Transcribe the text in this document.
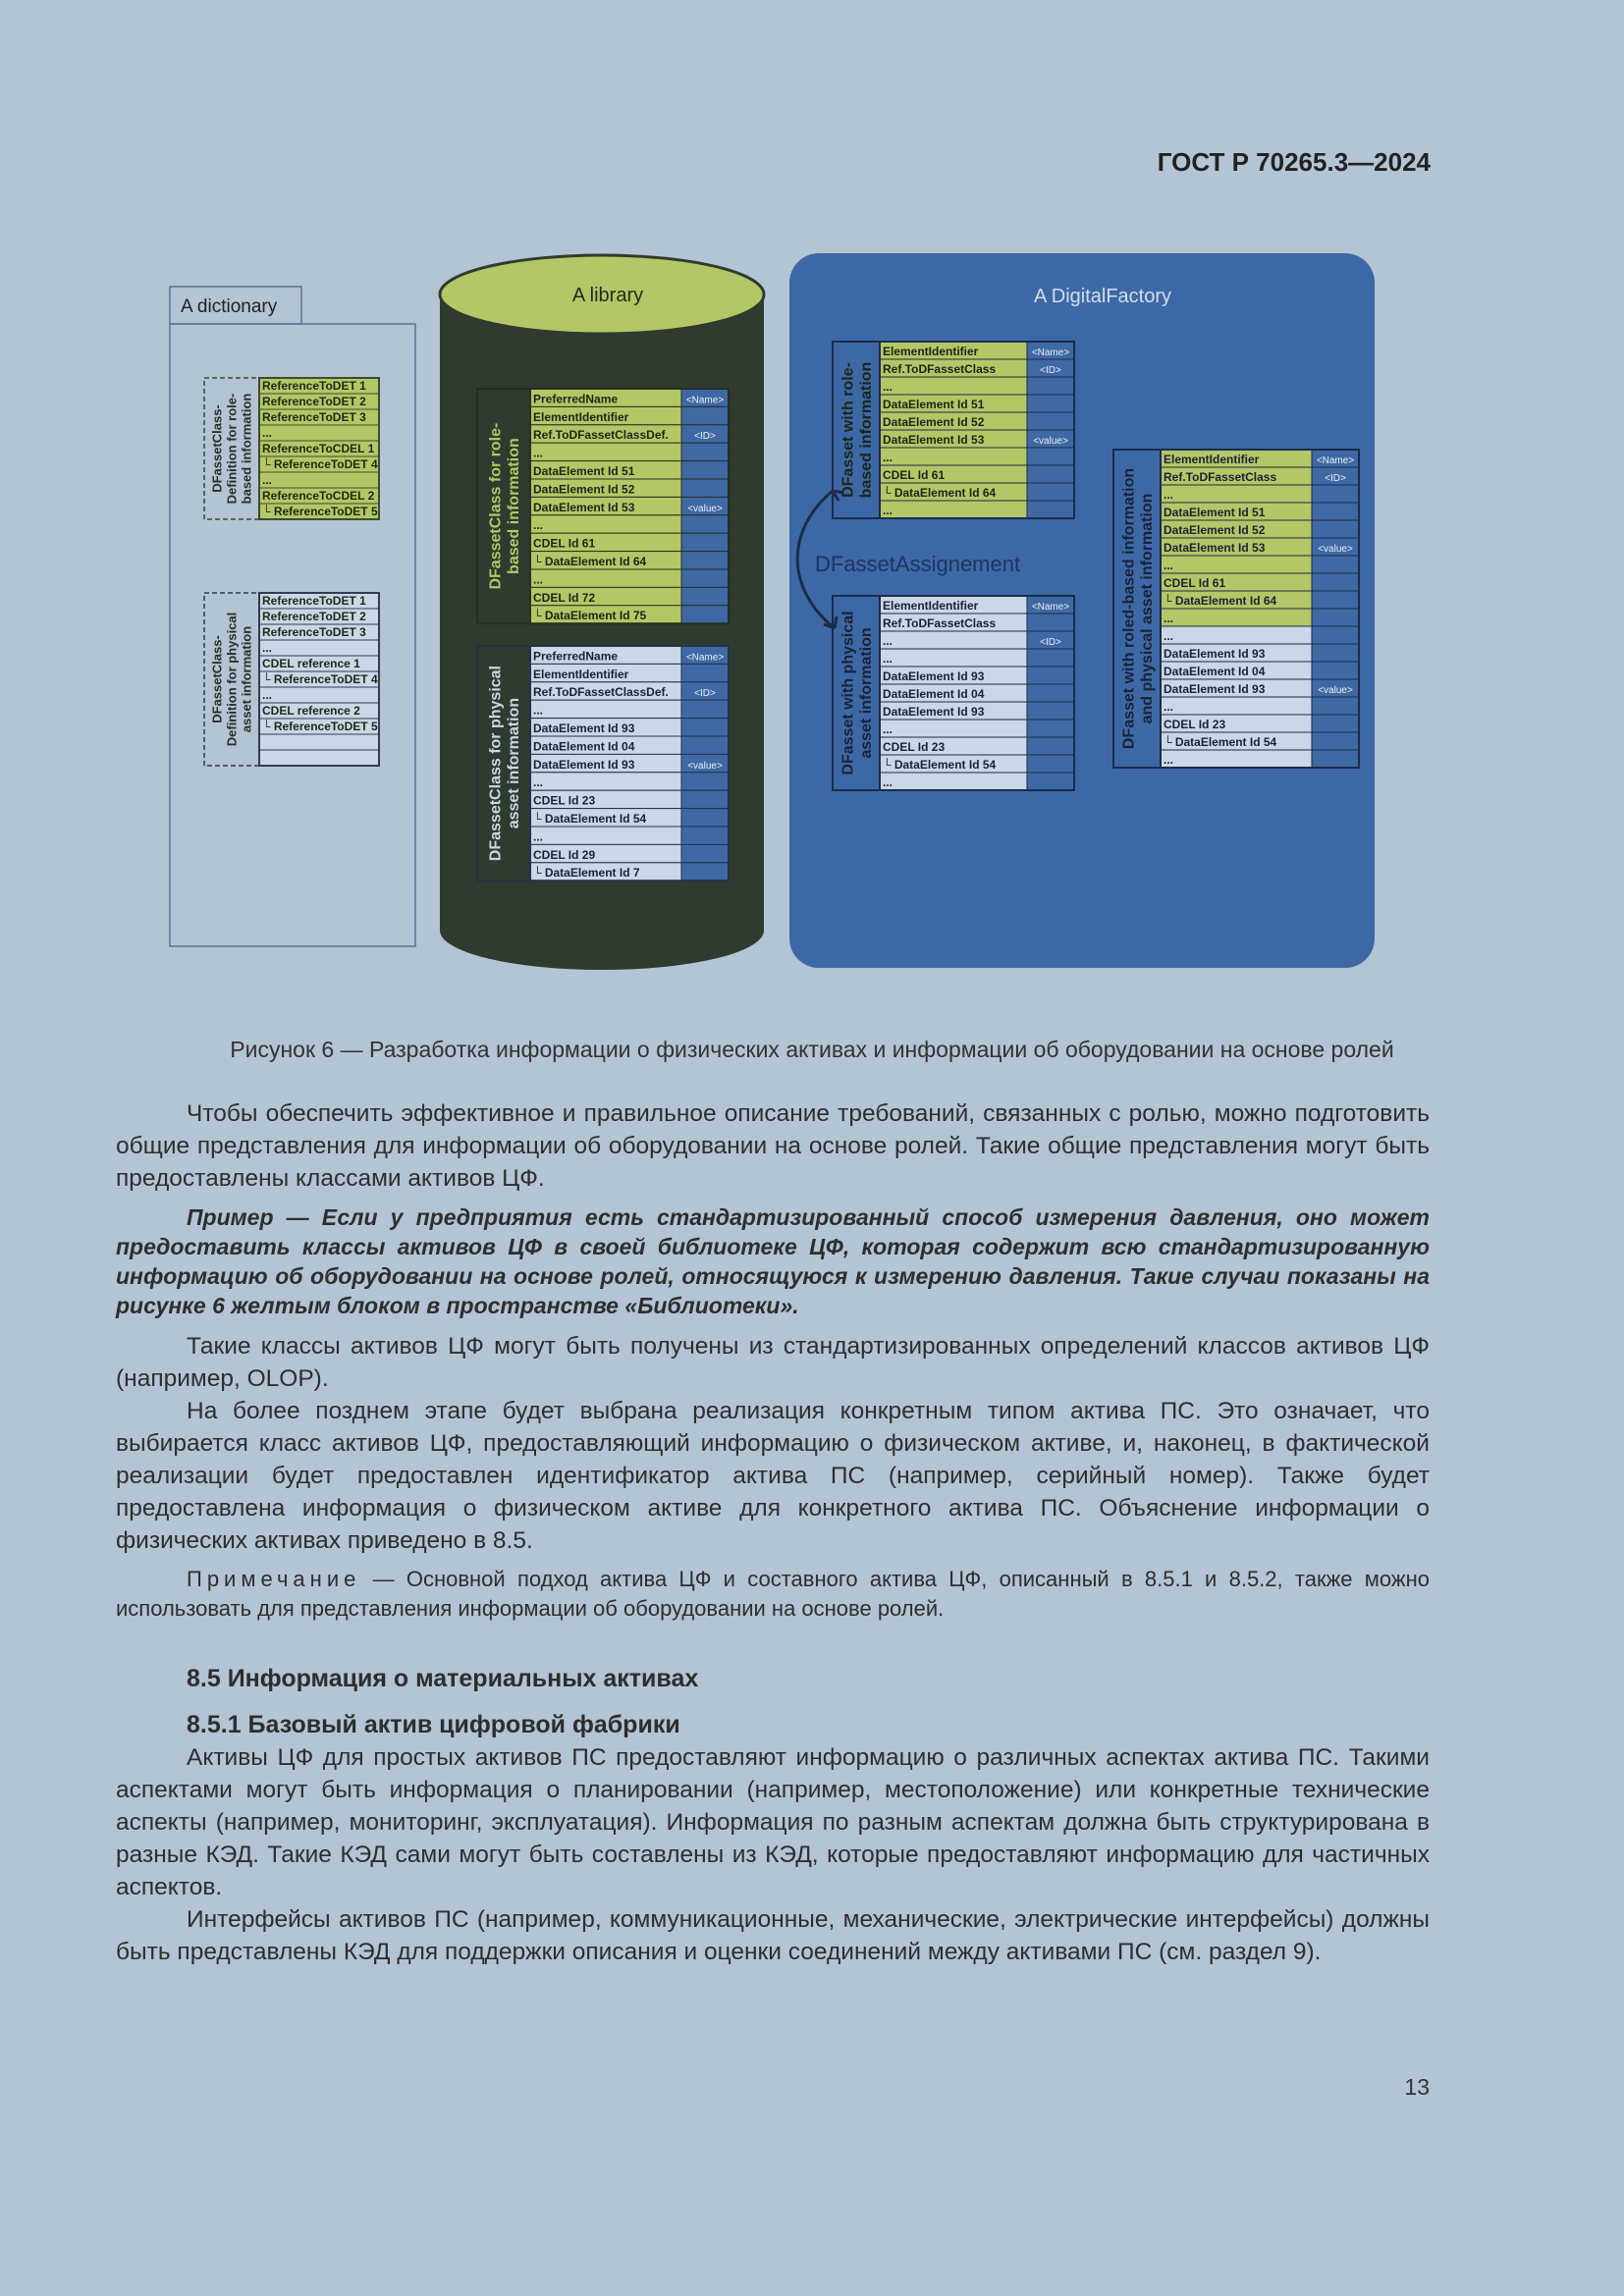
ГОСТ Р 70265.3—2024
A dictionary
DFassetClass- Definition for role- based information
ReferenceToDET 1
ReferenceToDET 2
ReferenceToDET 3
...
ReferenceToCDEL 1
└ ReferenceToDET 4
...
ReferenceToCDEL 2
└ ReferenceToDET 5
DFassetClass- Definition for physical asset information
ReferenceToDET 1
ReferenceToDET 2
ReferenceToDET 3
...
CDEL reference 1
└ ReferenceToDET 4
...
CDEL reference 2
└ ReferenceToDET 5
A library
DFassetClass for role- based information
PreferredName	<Name>
ElementIdentifier
Ref.ToDFassetClassDef.	<ID>
...
DataElement Id 51
DataElement Id 52
DataElement Id 53	<value>
...
CDEL Id 61
└ DataElement Id 64
...
CDEL Id 72
└ DataElement Id 75
DFassetClass for physical asset information
PreferredName	<Name>
ElementIdentifier
Ref.ToDFassetClassDef.	<ID>
...
DataElement Id 93
DataElement Id 04
DataElement Id 93	<value>
...
CDEL Id 23
└ DataElement Id 54
...
CDEL Id 29
└ DataElement Id 7
A DigitalFactory
DFassetAssignement
DFasset with role- based information
ElementIdentifier	<Name>
Ref.ToDFassetClass	<ID>
...
DataElement Id 51
DataElement Id 52
DataElement Id 53	<value>
...
CDEL Id 61
└ DataElement Id 64
...
DFasset with physical asset information
ElementIdentifier	<Name>
Ref.ToDFassetClass
...	<ID>
...
DataElement Id 93
DataElement Id 04
DataElement Id 93
...
CDEL Id 23
└ DataElement Id 54
...
DFasset with roled-based information and physical asset information
ElementIdentifier	<Name>
Ref.ToDFassetClass	<ID>
...
DataElement Id 51
DataElement Id 52
DataElement Id 53	<value>
...
CDEL Id 61
└ DataElement Id 64
...
...
DataElement Id 93
DataElement Id 04
DataElement Id 93	<value>
...
CDEL Id 23
└ DataElement Id 54
...
Рисунок 6 — Разработка информации о физических активах и информации об оборудовании на основе ролей

Чтобы обеспечить эффективное и правильное описание требований, связанных с ролью, можно подготовить общие представления для информации об оборудовании на основе ролей. Такие общие представления могут быть предоставлены классами активов ЦФ.

Пример — Если у предприятия есть стандартизированный способ измерения давления, оно может предоставить классы активов ЦФ в своей библиотеке ЦФ, которая содержит всю стандартизированную информацию об оборудовании на основе ролей, относящуюся к измерению давления. Такие случаи показаны на рисунке 6 желтым блоком в пространстве «Библиотеки».

Такие классы активов ЦФ могут быть получены из стандартизированных определений классов активов ЦФ (например, OLOP).

На более позднем этапе будет выбрана реализация конкретным типом актива ПС. Это означает, что выбирается класс активов ЦФ, предоставляющий информацию о физическом активе, и, наконец, в фактической реализации будет предоставлен идентификатор актива ПС (например, серийный номер). Также будет предоставлена информация о физическом активе для конкретного актива ПС. Объяснение информации о физических активах приведено в 8.5.

Примечание — Основной подход актива ЦФ и составного актива ЦФ, описанный в 8.5.1 и 8.5.2, также можно использовать для представления информации об оборудовании на основе ролей.

8.5 Информация о материальных активах

8.5.1 Базовый актив цифровой фабрики

Активы ЦФ для простых активов ПС предоставляют информацию о различных аспектах актива ПС. Такими аспектами могут быть информация о планировании (например, местоположение) или конкретные технические аспекты (например, мониторинг, эксплуатация). Информация по разным аспектам должна быть структурирована в разные КЭД. Такие КЭД сами могут быть составлены из КЭД, которые предоставляют информацию для частичных аспектов.

Интерфейсы активов ПС (например, коммуникационные, механические, электрические интерфейсы) должны быть представлены КЭД для поддержки описания и оценки соединений между активами ПС (см. раздел 9).

13
